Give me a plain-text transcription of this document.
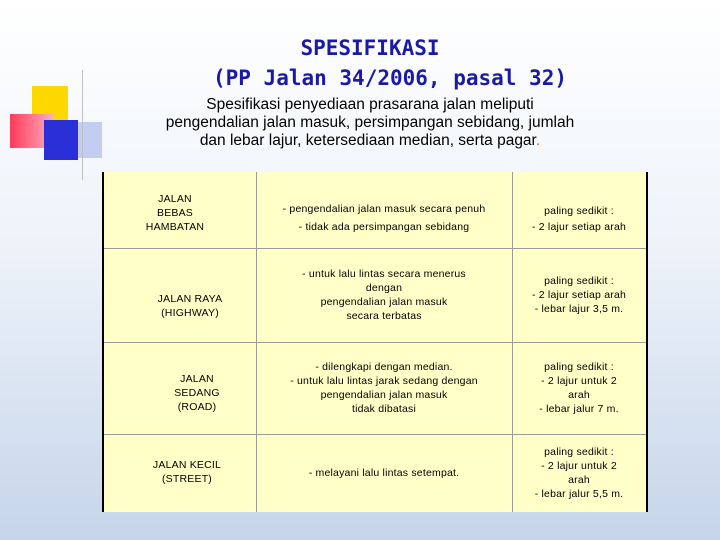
SPESIFIKASI
(PP Jalan 34/2006, pasal 32)
Spesifikasi penyediaan prasarana jalan meliputi
pengendalian jalan masuk, persimpangan sebidang, jumlah
dan lebar lajur, ketersediaan median, serta pagar.
JALAN
BEBAS
HAMBATAN
- pengendalian jalan masuk secara penuh
- tidak ada persimpangan sebidang
paling sedikit :
- 2 lajur setiap arah
JALAN RAYA
(HIGHWAY)
- untuk lalu lintas secara menerus
dengan
pengendalian jalan masuk
secara terbatas
paling sedikit :
- 2 lajur setiap arah
- lebar lajur 3,5 m.
JALAN
SEDANG
(ROAD)
- dilengkapi dengan median.
- untuk lalu lintas jarak sedang dengan
pengendalian jalan masuk
tidak dibatasi
paling sedikit :
- 2 lajur untuk 2
arah
- lebar jalur 7 m.
JALAN KECIL
(STREET)	- melayani lalu lintas setempat.
paling sedikit :
- 2 lajur untuk 2
arah
- lebar jalur 5,5 m.
